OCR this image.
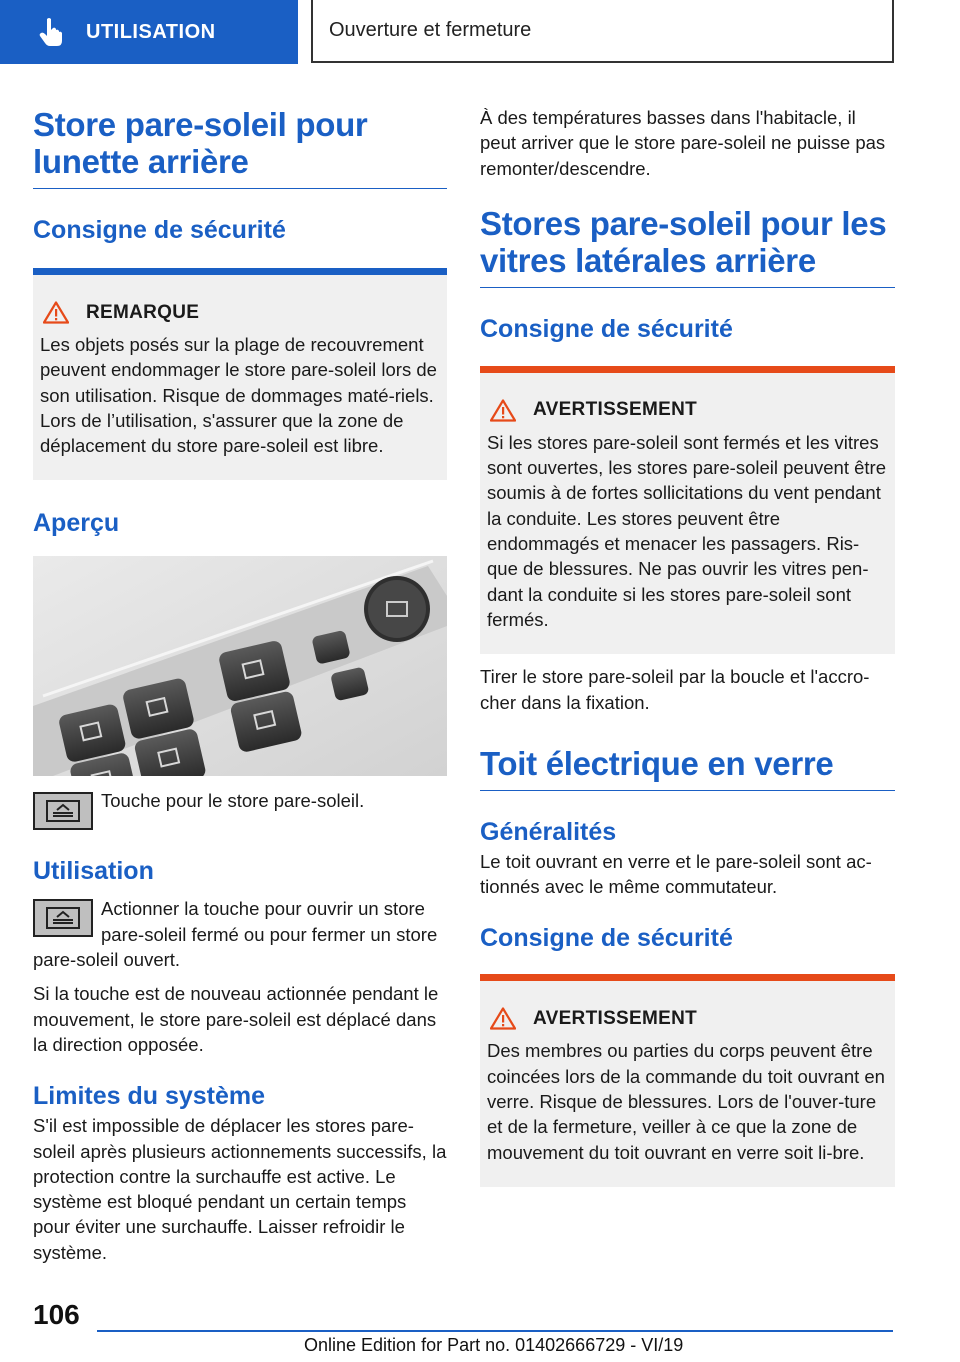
UTILISATION	Ouverture et fermeture
Store pare-soleil pour lunette arrière
Consigne de sécurité
REMARQUE

Les objets posés sur la plage de recouvrement peuvent endommager le store pare-soleil lors de son utilisation. Risque de dommages maté‐riels. Lors de l’utilisation, s'assurer que la zone de déplacement du store pare-soleil est libre.

Aperçu

Touche pour le store pare-soleil.

Utilisation

Actionner la touche pour ouvrir un store pare-soleil fermé ou pour fermer un store pare-soleil ouvert.

Si la touche est de nouveau actionnée pendant le mouvement, le store pare-soleil est déplacé dans la direction opposée.

Limites du système

S'il est impossible de déplacer les stores pare-soleil après plusieurs actionnements successifs, la protection contre la surchauffe est active. Le système est bloqué pendant un certain temps pour éviter une surchauffe. Laisser refroidir le système.

À des températures basses dans l'habitacle, il peut arriver que le store pare-soleil ne puisse pas remonter/descendre.

Stores pare-soleil pour les vitres latérales arrière
Consigne de sécurité
AVERTISSEMENT

Si les stores pare-soleil sont fermés et les vitres sont ouvertes, les stores pare-soleil peuvent être soumis à de fortes sollicitations du vent pendant la conduite. Les stores peuvent être endommagés et menacer les passagers. Ris‐que de blessures. Ne pas ouvrir les vitres pen‐dant la conduite si les stores pare-soleil sont fermés.

Tirer le store pare-soleil par la boucle et l'accro‐cher dans la fixation.

Toit électrique en verre
Généralités

Le toit ouvrant en verre et le pare-soleil sont ac‐tionnés avec le même commutateur.

Consigne de sécurité
AVERTISSEMENT

Des membres ou parties du corps peuvent être coincées lors de la commande du toit ouvrant en verre. Risque de blessures. Lors de l'ouver‐ture et de la fermeture, veiller à ce que la zone de mouvement du toit ouvrant en verre soit li‐bre.

106
Online Edition for Part no. 01402666729 - VI/19
